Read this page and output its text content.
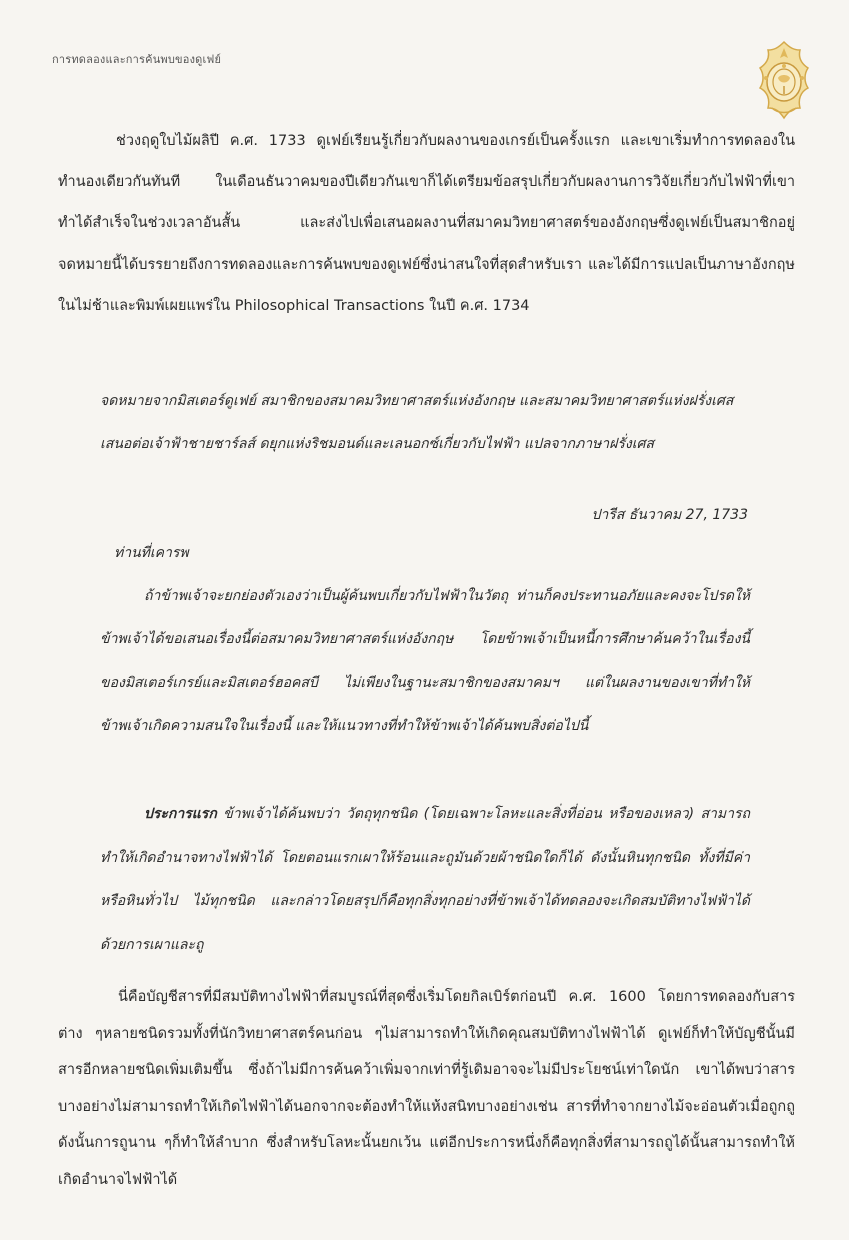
การทดลองและการค้นพบของดูเฟย์

ช่วงฤดูใบไม้ผลิปี ค.ศ. 1733 ดูเฟย์เรียนรู้เกี่ยวกับผลงานของเกรย์เป็นครั้งแรก และเขาเริ่มทำการทดลองในทำนองเดียวกันทันที ในเดือนธันวาคมของปีเดียวกันเขาก็ได้เตรียมข้อสรุปเกี่ยวกับผลงานการวิจัยเกี่ยวกับไฟฟ้าที่เขาทำได้สำเร็จในช่วงเวลาอันสั้น และส่งไปเพื่อเสนอผลงานที่สมาคมวิทยาศาสตร์ของอังกฤษซึ่งดูเฟย์เป็นสมาชิกอยู่ จดหมายนี้ได้บรรยายถึงการทดลองและการค้นพบของดูเฟย์ซึ่งน่าสนใจที่สุดสำหรับเรา และได้มีการแปลเป็นภาษาอังกฤษในไม่ช้าและพิมพ์เผยแพร่ใน Philosophical Transactions ในปี ค.ศ. 1734

จดหมายจากมิสเตอร์ดูเฟย์ สมาชิกของสมาคมวิทยาศาสตร์แห่งอังกฤษ และสมาคมวิทยาศาสตร์แห่งฝรั่งเศส เสนอต่อเจ้าฟ้าชายชาร์ลส์ ดยุกแห่งริชมอนด์และเลนอกซ์เกี่ยวกับไฟฟ้า แปลจากภาษาฝรั่งเศส

ปารีส ธันวาคม 27, 1733
ท่านที่เคารพ

ถ้าข้าพเจ้าจะยกย่องตัวเองว่าเป็นผู้ค้นพบเกี่ยวกับไฟฟ้าในวัตถุ ท่านก็คงประทานอภัยและคงจะโปรดให้ข้าพเจ้าได้ขอเสนอเรื่องนี้ต่อสมาคมวิทยาศาสตร์แห่งอังกฤษ โดยข้าพเจ้าเป็นหนี้การศึกษาค้นคว้าในเรื่องนี้ของมิสเตอร์เกรย์และมิสเตอร์ฮอคสบี ไม่เพียงในฐานะสมาชิกของสมาคมฯ แต่ในผลงานของเขาที่ทำให้ข้าพเจ้าเกิดความสนใจในเรื่องนี้ และให้แนวทางที่ทำให้ข้าพเจ้าได้ค้นพบสิ่งต่อไปนี้

ประการแรก ข้าพเจ้าได้ค้นพบว่า วัตถุทุกชนิด (โดยเฉพาะโลหะและสิ่งที่อ่อน หรือของเหลว) สามารถทำให้เกิดอำนาจทางไฟฟ้าได้ โดยตอนแรกเผาให้ร้อนและถูมันด้วยผ้าชนิดใดก็ได้ ดังนั้นหินทุกชนิด ทั้งที่มีค่าหรือหินทั่วไป ไม้ทุกชนิด และกล่าวโดยสรุปก็คือทุกสิ่งทุกอย่างที่ข้าพเจ้าได้ทดลองจะเกิดสมบัติทางไฟฟ้าได้ด้วยการเผาและถู

นี่คือบัญชีสารที่มีสมบัติทางไฟฟ้าที่สมบูรณ์ที่สุดซึ่งเริ่มโดยกิลเบิร์ตก่อนปี ค.ศ. 1600 โดยการทดลองกับสารต่าง ๆหลายชนิดรวมทั้งที่นักวิทยาศาสตร์คนก่อน ๆไม่สามารถทำให้เกิดคุณสมบัติทางไฟฟ้าได้ ดูเฟย์ก็ทำให้บัญชีนั้นมีสารอีกหลายชนิดเพิ่มเติมขึ้น ซึ่งถ้าไม่มีการค้นคว้าเพิ่มจากเท่าที่รู้เดิมอาจจะไม่มีประโยชน์เท่าใดนัก เขาได้พบว่าสารบางอย่างไม่สามารถทำให้เกิดไฟฟ้าได้นอกจากจะต้องทำให้แห้งสนิทบางอย่างเช่น สารที่ทำจากยางไม้จะอ่อนตัวเมื่อถูกถูดังนั้นการถูนาน ๆก็ทำให้ลำบาก ซึ่งสำหรับโลหะนั้นยกเว้น แต่อีกประการหนึ่งก็คือทุกสิ่งที่สามารถถูได้นั้นสามารถทำให้เกิดอำนาจไฟฟ้าได้
